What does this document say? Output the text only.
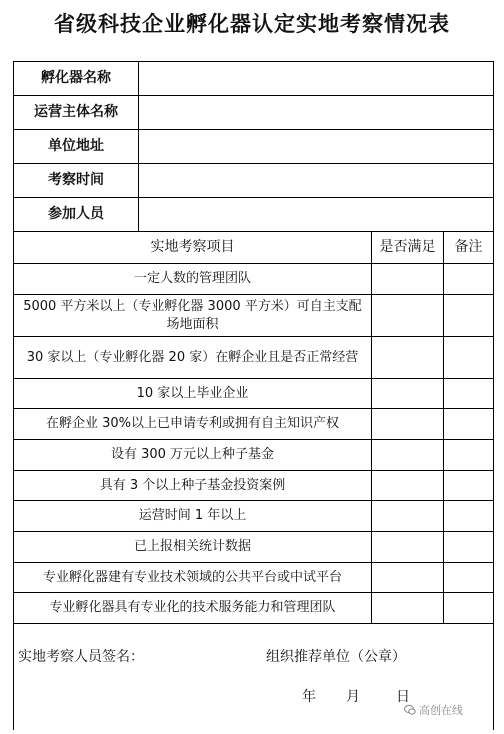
省级科技企业孵化器认定实地考察情况表
孵化器名称			
运营主体名称			
单位地址			
考察时间			
参加人员			
实地考察项目		是否满足	备注
一定人数的管理团队			
5000 平方米以上（专业孵化器 3000 平方米）可自主支配场地面积			
30 家以上（专业孵化器 20 家）在孵企业且是否正常经营			
10 家以上毕业企业			
在孵企业 30%以上已申请专利或拥有自主知识产权			
设有 300 万元以上种子基金			
具有 3 个以上种子基金投资案例			
运营时间 1 年以上			
已上报相关统计数据			
专业孵化器建有专业技术领域的公共平台或中试平台			
专业孵化器具有专业化的技术服务能力和管理团队			

实地考察人员签名： 组织推荐单位（公章）
年 月 日			
高创在线
